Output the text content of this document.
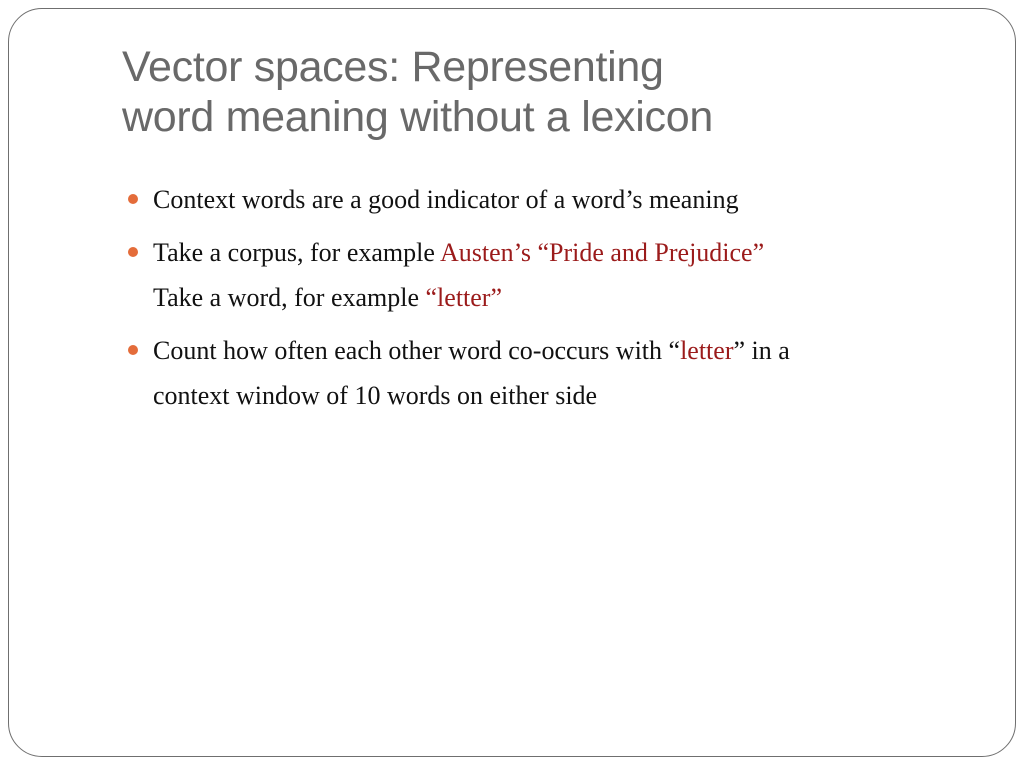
Vector spaces: Representing
word meaning without a lexicon
Context words are a good indicator of a word’s meaning
Take a corpus, for example Austen’s “Pride and Prejudice”
Take a word, for example “letter”
Count how often each other word co-occurs with “letter” in a
context window of 10 words on either side
